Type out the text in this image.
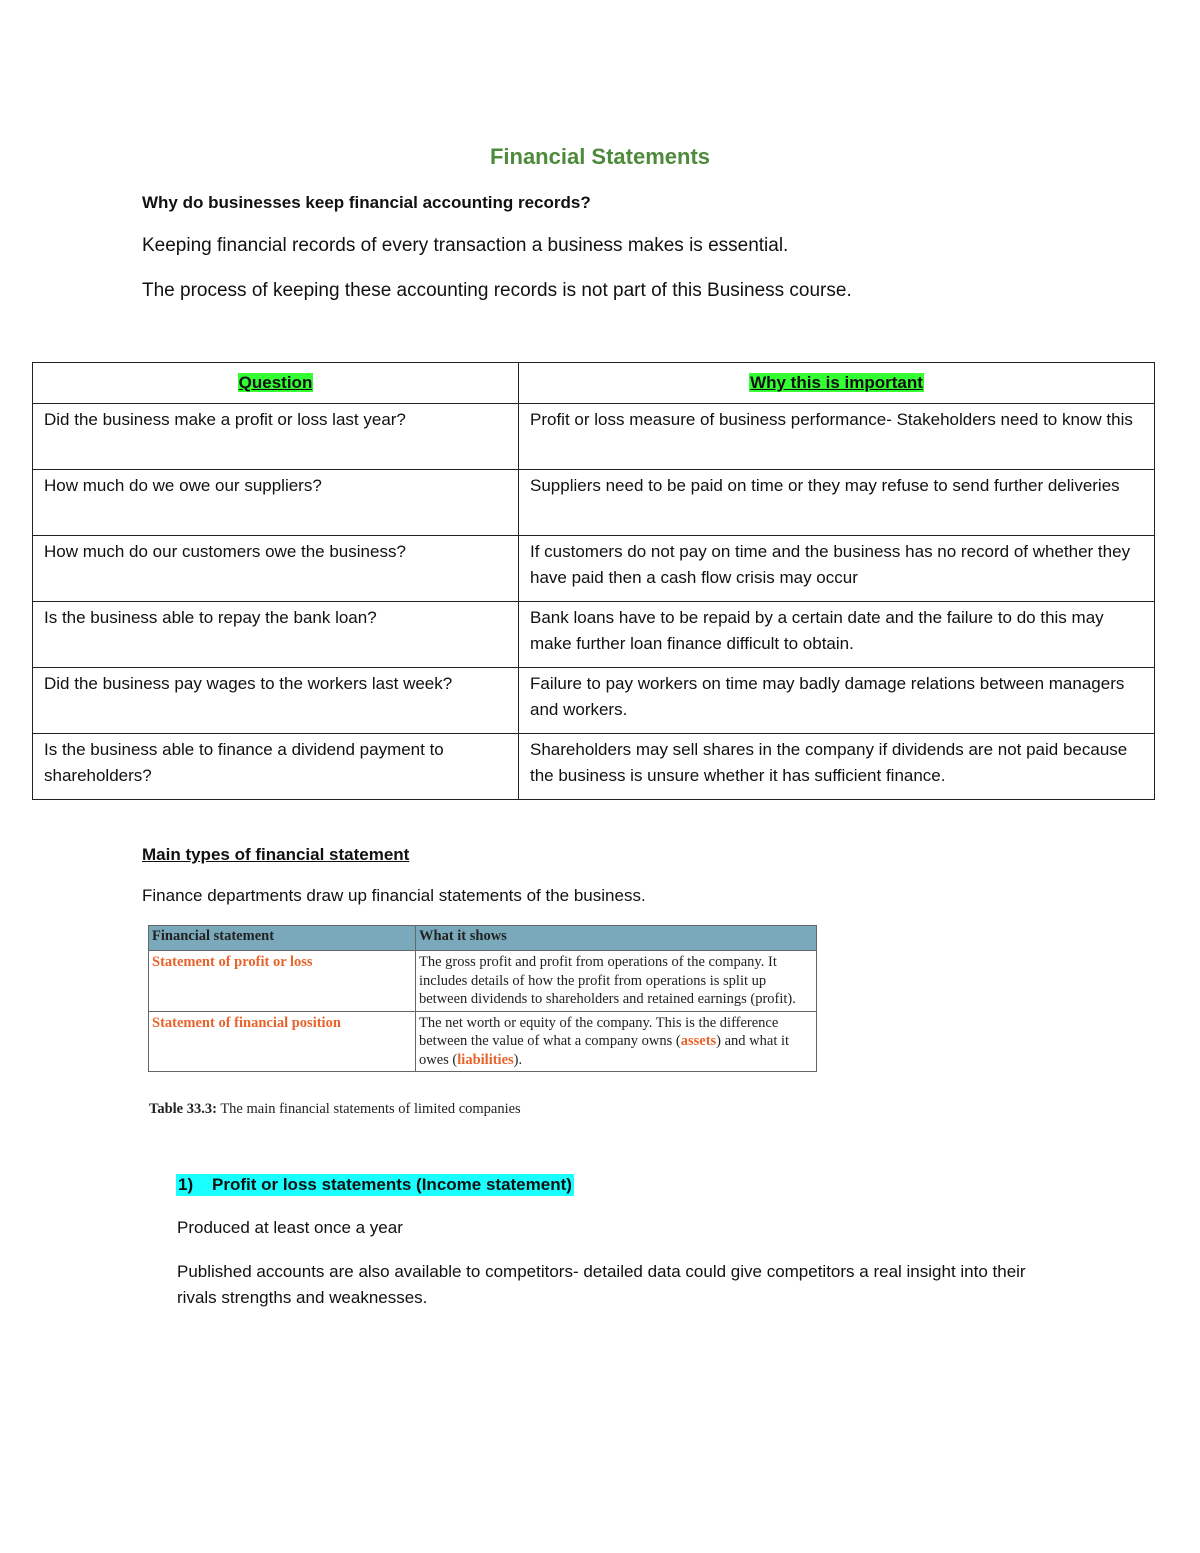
Financial Statements
Why do businesses keep financial accounting records?
Keeping financial records of every transaction a business makes is essential.
The process of keeping these accounting records is not part of this Business course.
Question	Why this is important
Did the business make a profit or loss last year?	Profit or loss measure of business performance- Stakeholders need to know this
How much do we owe our suppliers?	Suppliers need to be paid on time or they may refuse to send further deliveries
How much do our customers owe the business?	If customers do not pay on time and the business has no record of whether they have paid then a cash flow crisis may occur
Is the business able to repay the bank loan?	Bank loans have to be repaid by a certain date and the failure to do this may make further loan finance difficult to obtain.
Did the business pay wages to the workers last week?	Failure to pay workers on time may badly damage relations between managers and workers.
Is the business able to finance a dividend payment to shareholders?	Shareholders may sell shares in the company if dividends are not paid because the business is unsure whether it has sufficient finance.
Main types of financial statement
Finance departments draw up financial statements of the business.
Financial statement	What it shows
Statement of profit or loss	The gross profit and profit from operations of the company. It includes details of how the profit from operations is split up between dividends to shareholders and retained earnings (profit).
Statement of financial position	The net worth or equity of the company. This is the difference between the value of what a company owns (assets) and what it owes (liabilities).
Table 33.3: The main financial statements of limited companies
1) Profit or loss statements (Income statement)
Produced at least once a year
Published accounts are also available to competitors- detailed data could give competitors a real insight into their rivals strengths and weaknesses.
